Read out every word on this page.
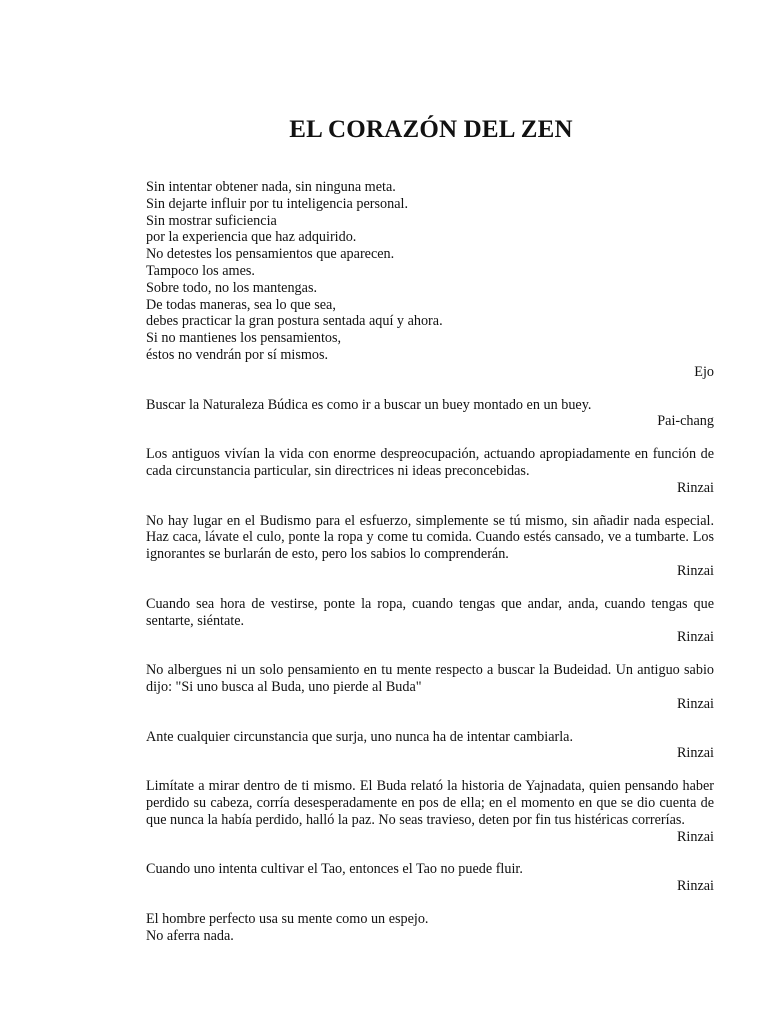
EL CORAZÓN DEL ZEN
Sin intentar obtener nada, sin ninguna meta.
Sin dejarte influir por tu inteligencia personal.
Sin mostrar suficiencia
por la experiencia que haz adquirido.
No detestes los pensamientos que aparecen.
Tampoco los ames.
Sobre todo, no los mantengas.
De todas maneras, sea lo que sea,
debes practicar la gran postura sentada aquí y ahora.
Si no mantienes los pensamientos,
éstos no vendrán por sí mismos.
Ejo

Buscar la Naturaleza Búdica es como ir a buscar un buey montado en un buey.

Pai-chang

Los antiguos vivían la vida con enorme despreocupación, actuando apropiadamente en función de cada circunstancia particular, sin directrices ni ideas preconcebidas.

Rinzai

No hay lugar en el Budismo para el esfuerzo, simplemente se tú mismo, sin añadir nada especial. Haz caca, lávate el culo, ponte la ropa y come tu comida. Cuando estés cansado, ve a tumbarte. Los ignorantes se burlarán de esto, pero los sabios lo comprenderán.

Rinzai

Cuando sea hora de vestirse, ponte la ropa, cuando tengas que andar, anda, cuando tengas que sentarte, siéntate.

Rinzai

No albergues ni un solo pensamiento en tu mente respecto a buscar la Budeidad. Un antiguo sabio dijo: "Si uno busca al Buda, uno pierde al Buda"

Rinzai

Ante cualquier circunstancia que surja, uno nunca ha de intentar cambiarla.

Rinzai

Limítate a mirar dentro de ti mismo. El Buda relató la historia de Yajnadata, quien pensando haber perdido su cabeza, corría desesperadamente en pos de ella; en el momento en que se dio cuenta de que nunca la había perdido, halló la paz. No seas travieso, deten por fin tus histéricas correrías.

Rinzai

Cuando uno intenta cultivar el Tao, entonces el Tao no puede fluir.

Rinzai
El hombre perfecto usa su mente como un espejo.
No aferra nada.
